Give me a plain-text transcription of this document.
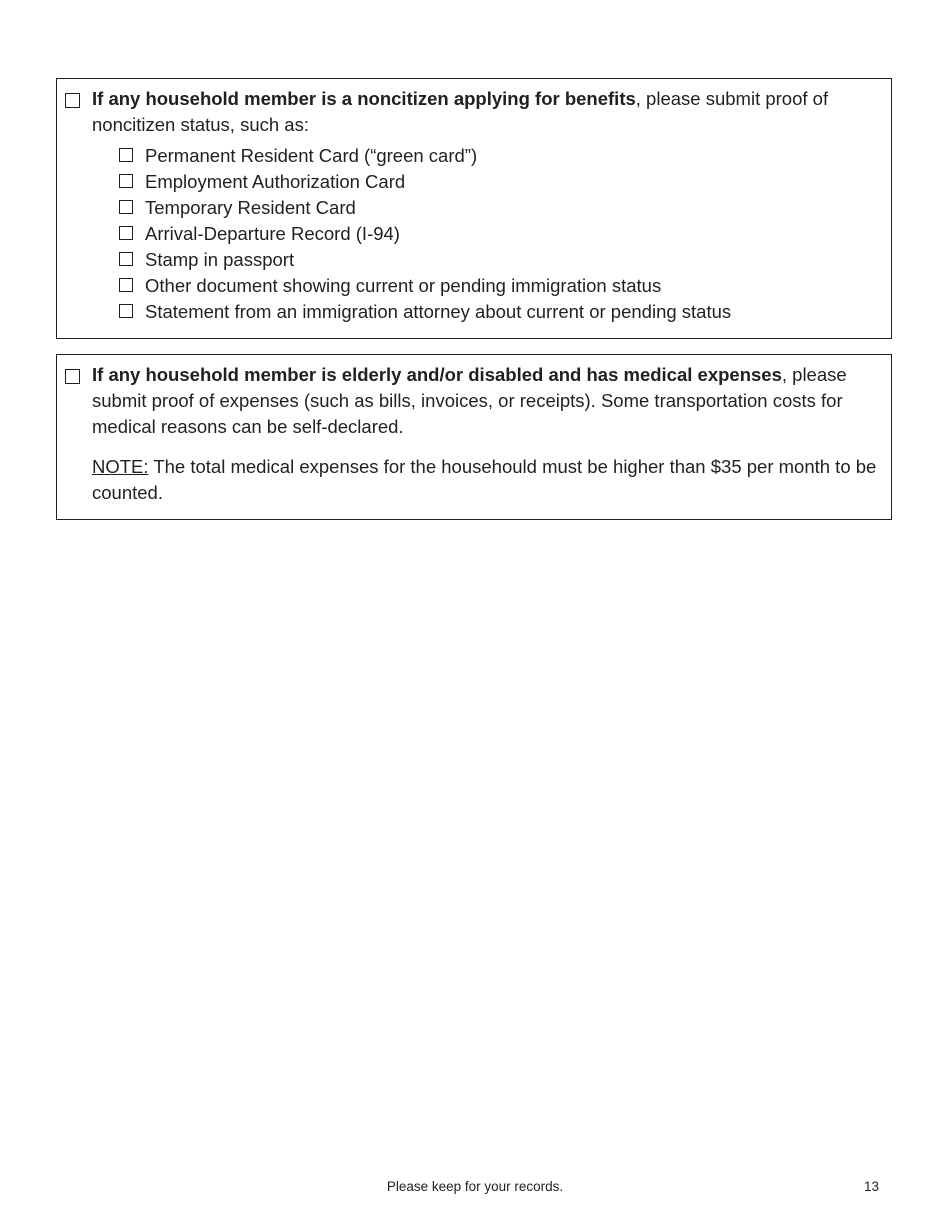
If any household member is a noncitizen applying for benefits, please submit proof of noncitizen status, such as:

Permanent Resident Card (“green card”)
Employment Authorization Card
Temporary Resident Card
Arrival-Departure Record (I-94)
Stamp in passport
Other document showing current or pending immigration status
Statement from an immigration attorney about current or pending status

If any household member is elderly and/or disabled and has medical expenses, please submit proof of expenses (such as bills, invoices, or receipts). Some transportation costs for medical reasons can be self-declared.

NOTE: The total medical expenses for the househould must be higher than $35 per month to be counted.

Please keep for your records.	13
